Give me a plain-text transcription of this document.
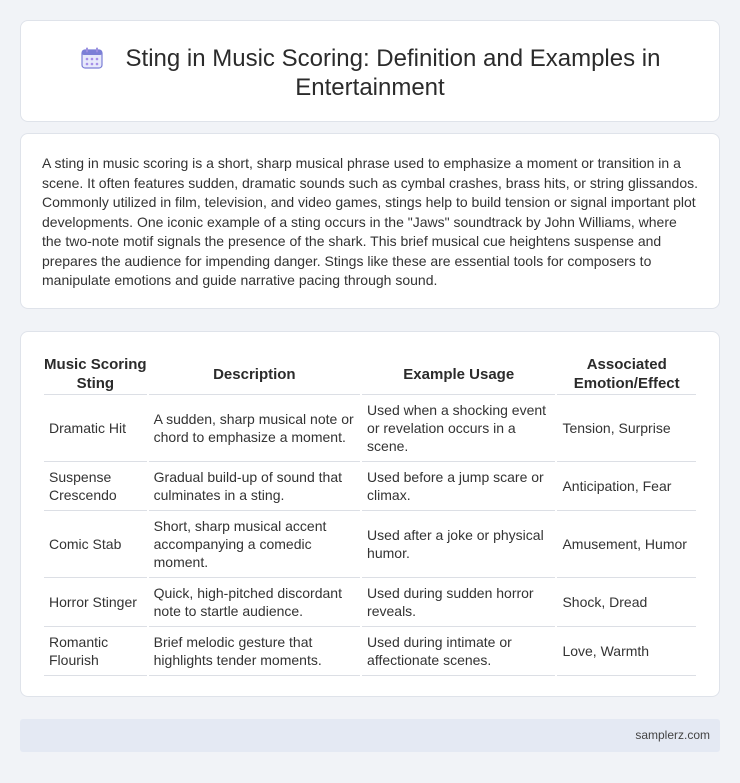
Sting in Music Scoring: Definition and Examples in Entertainment

A sting in music scoring is a short, sharp musical phrase used to emphasize a moment or transition in a scene. It often features sudden, dramatic sounds such as cymbal crashes, brass hits, or string glissandos. Commonly utilized in film, television, and video games, stings help to build tension or signal important plot developments. One iconic example of a sting occurs in the "Jaws" soundtrack by John Williams, where the two-note motif signals the presence of the shark. This brief musical cue heightens suspense and prepares the audience for impending danger. Stings like these are essential tools for composers to manipulate emotions and guide narrative pacing through sound.

Music Scoring Sting	Description	Example Usage	Associated Emotion/Effect
Dramatic Hit	A sudden, sharp musical note or chord to emphasize a moment.	Used when a shocking event or revelation occurs in a scene.	Tension, Surprise
Suspense Crescendo	Gradual build-up of sound that culminates in a sting.	Used before a jump scare or climax.	Anticipation, Fear
Comic Stab	Short, sharp musical accent accompanying a comedic moment.	Used after a joke or physical humor.	Amusement, Humor
Horror Stinger	Quick, high-pitched discordant note to startle audience.	Used during sudden horror reveals.	Shock, Dread
Romantic Flourish	Brief melodic gesture that highlights tender moments.	Used during intimate or affectionate scenes.	Love, Warmth
samplerz.com
